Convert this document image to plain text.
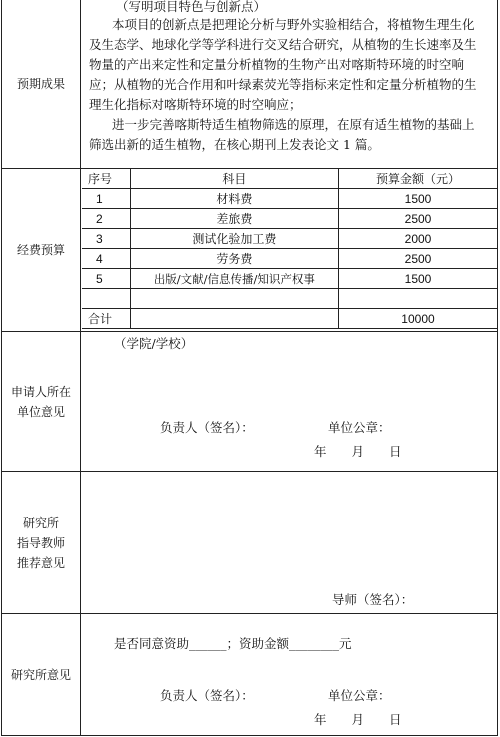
预期成果
（写明项目特色与创新点）
本项目的创新点是把理论分析与野外实验相结合，将植物生理生化
及生态学、地球化学等学科进行交叉结合研究，从植物的生长速率及生
物量的产出来定性和定量分析植物的生物产出对喀斯特环境的时空响
应；从植物的光合作用和叶绿素荧光等指标来定性和定量分析植物的生
理生化指标对喀斯特环境的时空响应；
进一步完善喀斯特适生植物筛选的原理，在原有适生植物的基础上
筛选出新的适生植物，在核心期刊上发表论文 1 篇。
经费预算
序号	科目	预算金额（元）
1	材料费	1500
2	差旅费	2500
3	测试化验加工费	2000
4	劳务费	2500
5	出版/文献/信息传播/知识产权事	1500

合计		10000
申请人所在
单位意见
（学院/学校）
负责人（签名）：	单位公章：
年　　月　　日
研究所
指导教师
推荐意见
导师（签名）：
研究所意见
是否同意资助______；资助金额________元
负责人（签名）：	单位公章：
年　　月　　日
